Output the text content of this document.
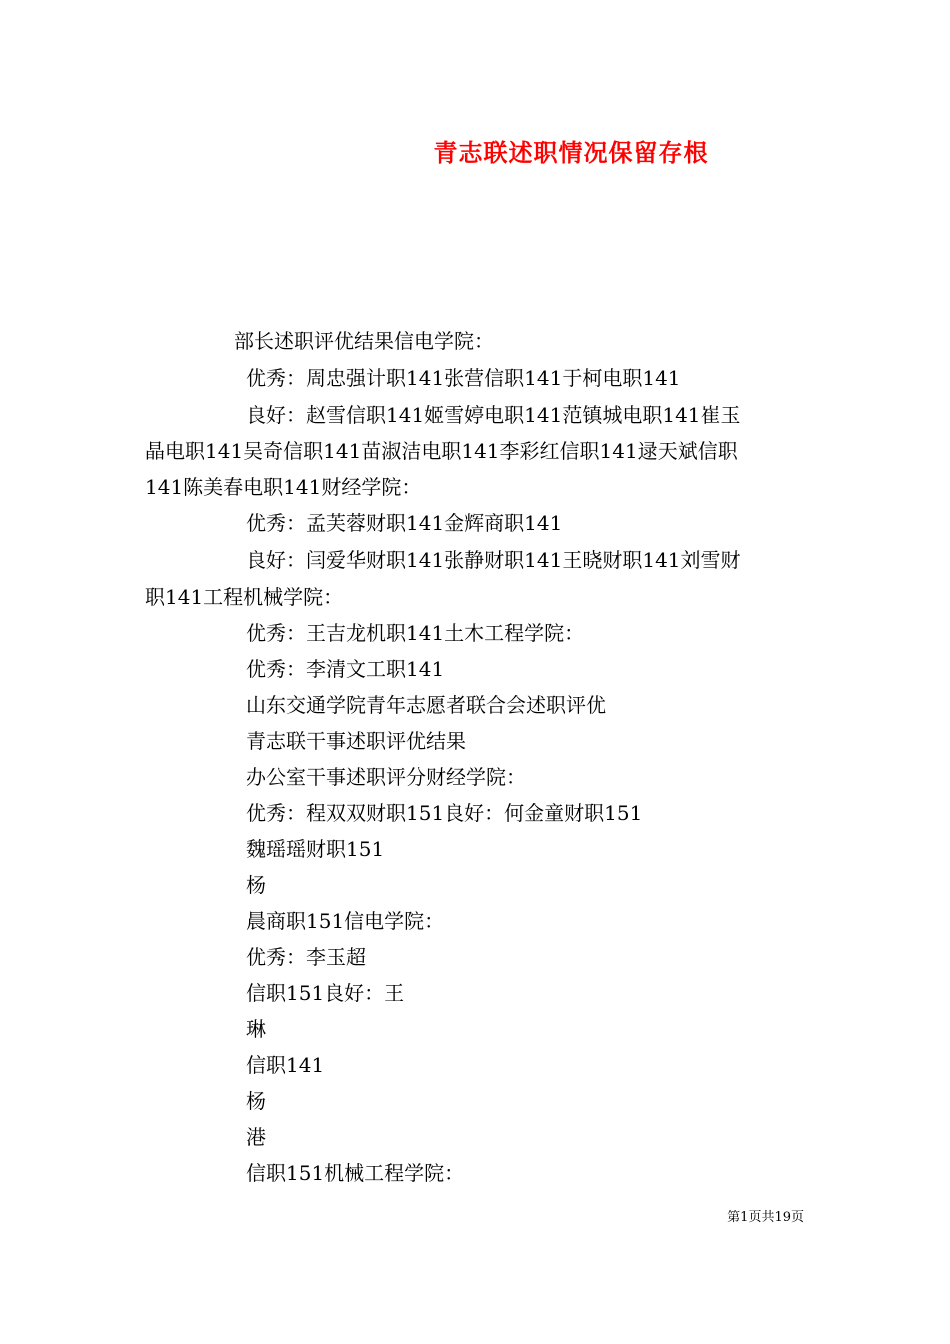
青志联述职情况保留存根
部长述职评优结果信电学院：
优秀：周忠强计职141张营信职141于柯电职141
良好：赵雪信职141姬雪婷电职141范镇城电职141崔玉
晶电职141吴奇信职141苗淑洁电职141李彩红信职141逯天斌信职
141陈美春电职141财经学院：
优秀：孟芙蓉财职141金辉商职141
良好：闫爱华财职141张静财职141王晓财职141刘雪财
职141工程机械学院：
优秀：王吉龙机职141土木工程学院：
优秀：李清文工职141
山东交通学院青年志愿者联合会述职评优
青志联干事述职评优结果
办公室干事述职评分财经学院：
优秀：程双双财职151良好：何金童财职151
魏瑶瑶财职151
杨
晨商职151信电学院：
优秀：李玉超
信职151良好：王
琳
信职141
杨
港
信职151机械工程学院：
第1页共19页
